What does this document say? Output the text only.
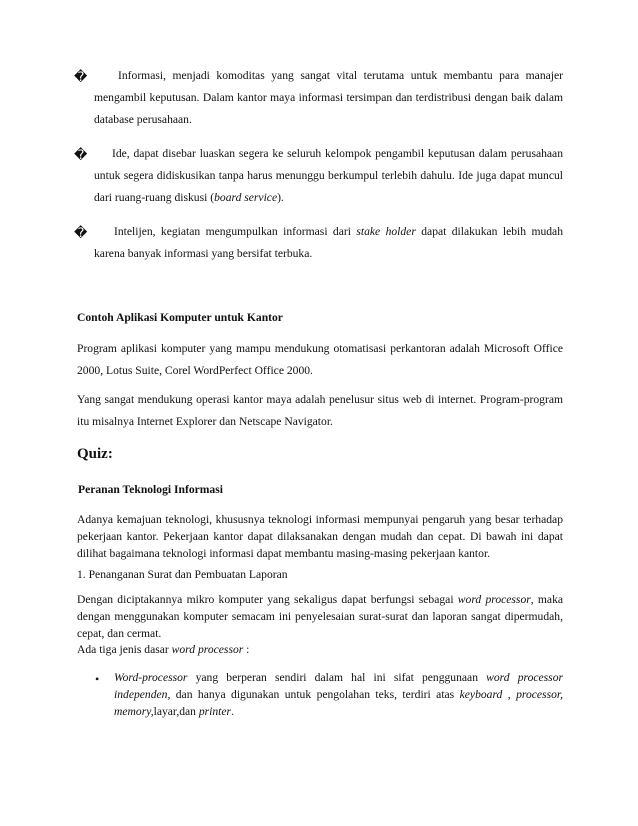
�	Informasi, menjadi komoditas yang sangat vital terutama untuk membantu para manajer mengambil keputusan. Dalam kantor maya informasi tersimpan dan terdistribusi dengan baik dalam database perusahaan.
�	Ide, dapat disebar luaskan segera ke seluruh kelompok pengambil keputusan dalam perusahaan untuk segera didiskusikan tanpa harus menunggu berkumpul terlebih dahulu. Ide juga dapat muncul dari ruang-ruang diskusi (board service).
�	Intelijen, kegiatan mengumpulkan informasi dari stake holder dapat dilakukan lebih mudah karena banyak informasi yang bersifat terbuka.
Contoh Aplikasi Komputer untuk Kantor
Program aplikasi komputer yang mampu mendukung otomatisasi perkantoran adalah Microsoft Office 2000, Lotus Suite, Corel WordPerfect Office 2000.
Yang sangat mendukung operasi kantor maya adalah penelusur situs web di internet. Program-program itu misalnya Internet Explorer dan Netscape Navigator.
Quiz:
Peranan Teknologi Informasi
Adanya kemajuan teknologi, khususnya teknologi informasi mempunyai pengaruh yang besar terhadap pekerjaan kantor. Pekerjaan kantor dapat dilaksanakan dengan mudah dan cepat. Di bawah ini dapat dilihat bagaimana teknologi informasi dapat membantu masing-masing pekerjaan kantor.
1. Penanganan Surat dan Pembuatan Laporan
Dengan diciptakannya mikro komputer yang sekaligus dapat berfungsi sebagai word processor, maka dengan menggunakan komputer semacam ini penyelesaian surat-surat dan laporan sangat dipermudah, cepat, dan cermat.
Ada tiga jenis dasar word processor :
• Word-processor yang berperan sendiri dalam hal ini sifat penggunaan word processor independen, dan hanya digunakan untuk pengolahan teks, terdiri atas keyboard , processor, memory,layar,dan printer.
